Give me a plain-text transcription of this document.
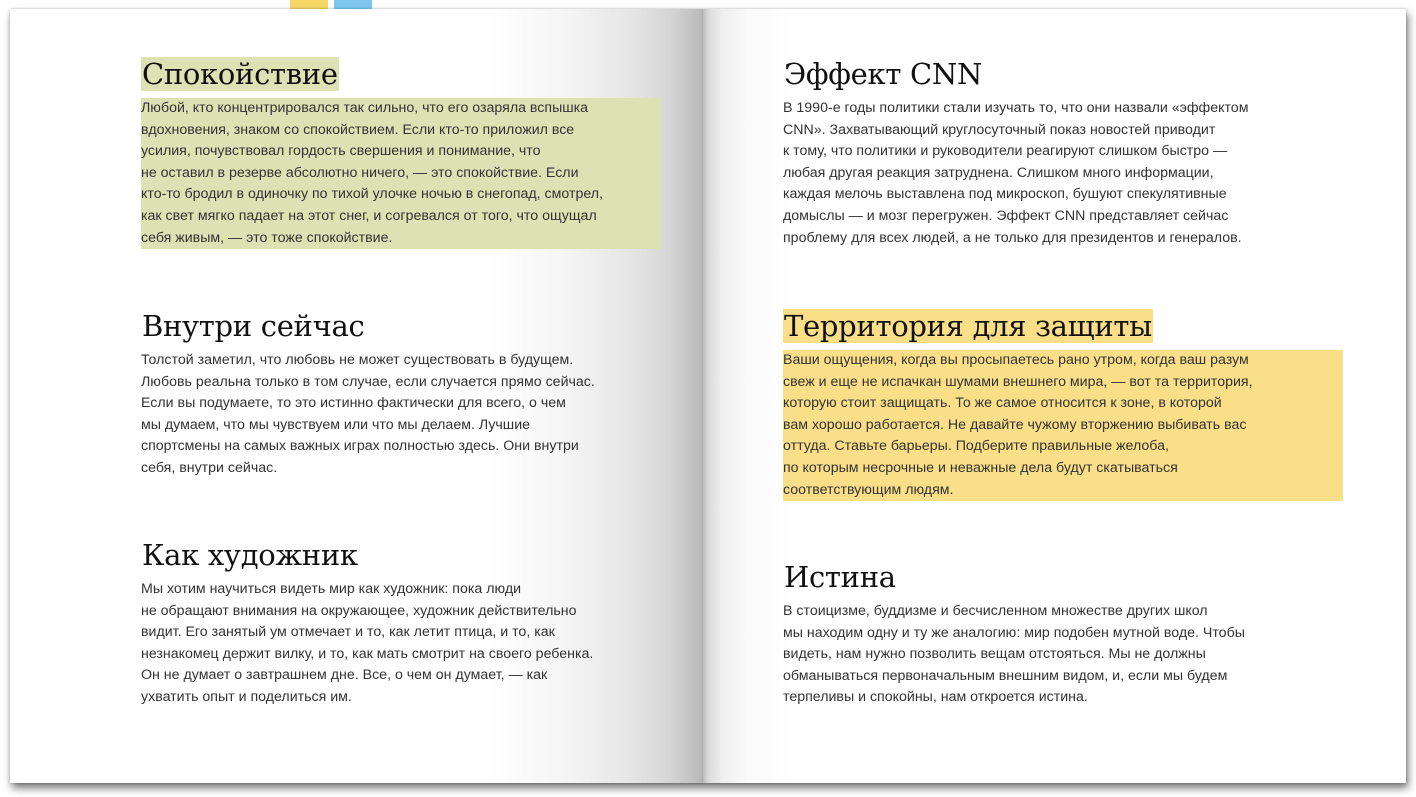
Спокойствие

Любой, кто концентрировался так сильно, что его озаряла вспышка
вдохновения, знаком со спокойствием. Если кто-то приложил все
усилия, почувствовал гордость свершения и понимание, что
не оставил в резерве абсолютно ничего, — это спокойствие. Если
кто-то бродил в одиночку по тихой улочке ночью в снегопад, смотрел,
как свет мягко падает на этот снег, и согревался от того, что ощущал
себя живым, — это тоже спокойствие.

Внутри сейчас

Толстой заметил, что любовь не может существовать в будущем.
Любовь реальна только в том случае, если случается прямо сейчас.
Если вы подумаете, то это истинно фактически для всего, о чем
мы думаем, что мы чувствуем или что мы делаем. Лучшие
спортсмены на самых важных играх полностью здесь. Они внутри
себя, внутри сейчас.

Как художник

Мы хотим научиться видеть мир как художник: пока люди
не обращают внимания на окружающее, художник действительно
видит. Его занятый ум отмечает и то, как летит птица, и то, как
незнакомец держит вилку, и то, как мать смотрит на своего ребенка.
Он не думает о завтрашнем дне. Все, о чем он думает, — как
ухватить опыт и поделиться им.

Эффект CNN

В 1990-е годы политики стали изучать то, что они назвали «эффектом
CNN». Захватывающий круглосуточный показ новостей приводит
к тому, что политики и руководители реагируют слишком быстро —
любая другая реакция затруднена. Слишком много информации,
каждая мелочь выставлена под микроскоп, бушуют спекулятивные
домыслы — и мозг перегружен. Эффект CNN представляет сейчас
проблему для всех людей, а не только для президентов и генералов.

Территория для защиты

Ваши ощущения, когда вы просыпаетесь рано утром, когда ваш разум
свеж и еще не испачкан шумами внешнего мира, — вот та территория,
которую стоит защищать. То же самое относится к зоне, в которой
вам хорошо работается. Не давайте чужому вторжению выбивать вас
оттуда. Ставьте барьеры. Подберите правильные желоба,
по которым несрочные и неважные дела будут скатываться
соответствующим людям.

Истина

В стоицизме, буддизме и бесчисленном множестве других школ
мы находим одну и ту же аналогию: мир подобен мутной воде. Чтобы
видеть, нам нужно позволить вещам отстояться. Мы не должны
обманываться первоначальным внешним видом, и, если мы будем
терпеливы и спокойны, нам откроется истина.
